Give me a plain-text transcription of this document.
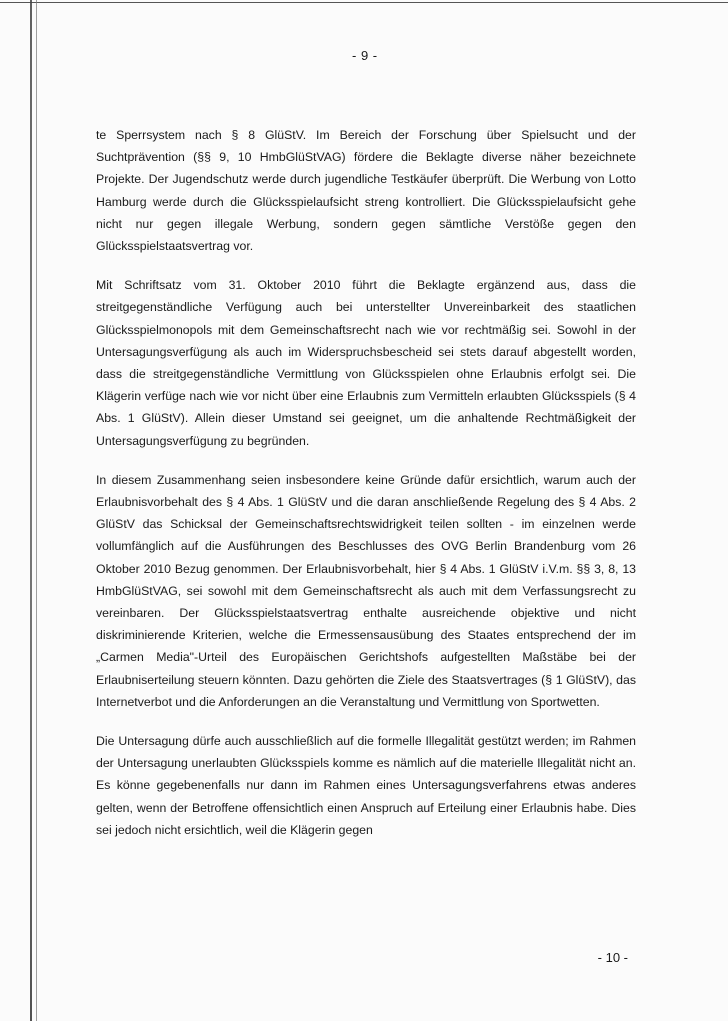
- 9 -

te Sperrsystem nach § 8 GlüStV. Im Bereich der Forschung über Spielsucht und der Suchtprävention (§§ 9, 10 HmbGlüStVAG) fördere die Beklagte diverse näher bezeichnete Projekte. Der Jugendschutz werde durch jugendliche Testkäufer überprüft. Die Werbung von Lotto Hamburg werde durch die Glücksspielaufsicht streng kontrolliert. Die Glücksspielaufsicht gehe nicht nur gegen illegale Werbung, sondern gegen sämtliche Verstöße gegen den Glücksspielstaatsvertrag vor.

Mit Schriftsatz vom 31. Oktober 2010 führt die Beklagte ergänzend aus, dass die streitgegenständliche Verfügung auch bei unterstellter Unvereinbarkeit des staatlichen Glücksspielmonopols mit dem Gemeinschaftsrecht nach wie vor rechtmäßig sei. Sowohl in der Untersagungsverfügung als auch im Widerspruchsbescheid sei stets darauf abgestellt worden, dass die streitgegenständliche Vermittlung von Glücksspielen ohne Erlaubnis erfolgt sei. Die Klägerin verfüge nach wie vor nicht über eine Erlaubnis zum Vermitteln erlaubten Glücksspiels (§ 4 Abs. 1 GlüStV). Allein dieser Umstand sei geeignet, um die anhaltende Rechtmäßigkeit der Untersagungsverfügung zu begründen.

In diesem Zusammenhang seien insbesondere keine Gründe dafür ersichtlich, warum auch der Erlaubnisvorbehalt des § 4 Abs. 1 GlüStV und die daran anschließende Regelung des § 4 Abs. 2 GlüStV das Schicksal der Gemeinschaftsrechtswidrigkeit teilen sollten - im einzelnen werde vollumfänglich auf die Ausführungen des Beschlusses des OVG Berlin Brandenburg vom 26 Oktober 2010 Bezug genommen. Der Erlaubnisvorbehalt, hier § 4 Abs. 1 GlüStV i.V.m. §§ 3, 8, 13 HmbGlüStVAG, sei sowohl mit dem Gemeinschaftsrecht als auch mit dem Verfassungsrecht zu vereinbaren. Der Glücksspielstaatsvertrag enthalte ausreichende objektive und nicht diskriminierende Kriterien, welche die Ermessensausübung des Staates entsprechend der im „Carmen Media"-Urteil des Europäischen Gerichtshofs aufgestellten Maßstäbe bei der Erlaubniserteilung steuern könnten. Dazu gehörten die Ziele des Staatsvertrages (§ 1 GlüStV), das Internetverbot und die Anforderungen an die Veranstaltung und Vermittlung von Sportwetten.

Die Untersagung dürfe auch ausschließlich auf die formelle Illegalität gestützt werden; im Rahmen der Untersagung unerlaubten Glücksspiels komme es nämlich auf die materielle Illegalität nicht an. Es könne gegebenenfalls nur dann im Rahmen eines Untersagungsverfahrens etwas anderes gelten, wenn der Betroffene offensichtlich einen Anspruch auf Erteilung einer Erlaubnis habe. Dies sei jedoch nicht ersichtlich, weil die Klägerin gegen

- 10 -
